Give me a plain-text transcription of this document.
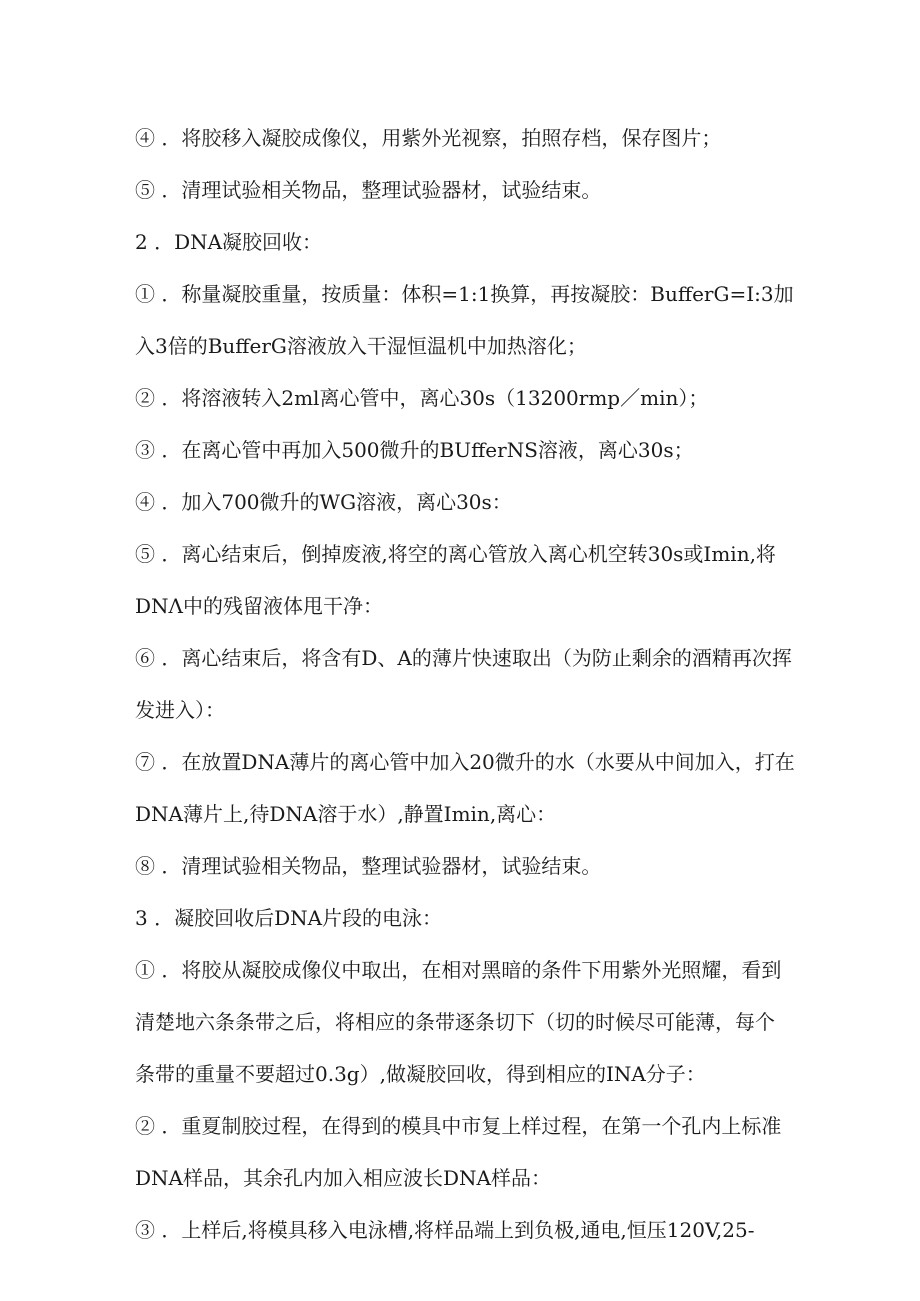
④ ．将胶移入凝胶成像仪，用紫外光视察，拍照存档，保存图片；
⑤ ．清理试验相关物品，整理试验器材，试验结束。
2 ．DNA凝胶回收：
① ．称量凝胶重量，按质量：体积=1:1换算，再按凝胶：BufferG=I:3加
入3倍的BufferG溶液放入干湿恒温机中加热溶化；
② ．将溶液转入2ml离心管中，离心30s（13200rmp／min）；
③ ．在离心管中再加入500微升的BUfferNS溶液，离心30s；
④ ．加入700微升的WG溶液，离心30s：
⑤ ．离心结束后，倒掉废液,将空的离心管放入离心机空转30s或Imin,将
DNΛ中的残留液体甩干净：
⑥ ．离心结束后，将含有D、A的薄片快速取出（为防止剩余的酒精再次挥
发进入）：
⑦ ．在放置DNA薄片的离心管中加入20微升的水（水要从中间加入，打在
DNA薄片上,待DNA溶于水）,静置Imin,离心：
⑧ ．清理试验相关物品，整理试验器材，试验结束。
3 ．凝胶回收后DNA片段的电泳：
① ．将胶从凝胶成像仪中取出，在相对黑暗的条件下用紫外光照耀，看到
清楚地六条条带之后，将相应的条带逐条切下（切的时候尽可能薄，每个
条带的重量不要超过0.3g）,做凝胶回收，得到相应的INA分子：
② ．重夏制胶过程，在得到的模具中市复上样过程，在第一个孔内上标准
DNA样品，其余孔内加入相应波长DNA样品：
③ ．上样后,将模具移入电泳槽,将样品端上到负极,通电,恒压120V,25-
